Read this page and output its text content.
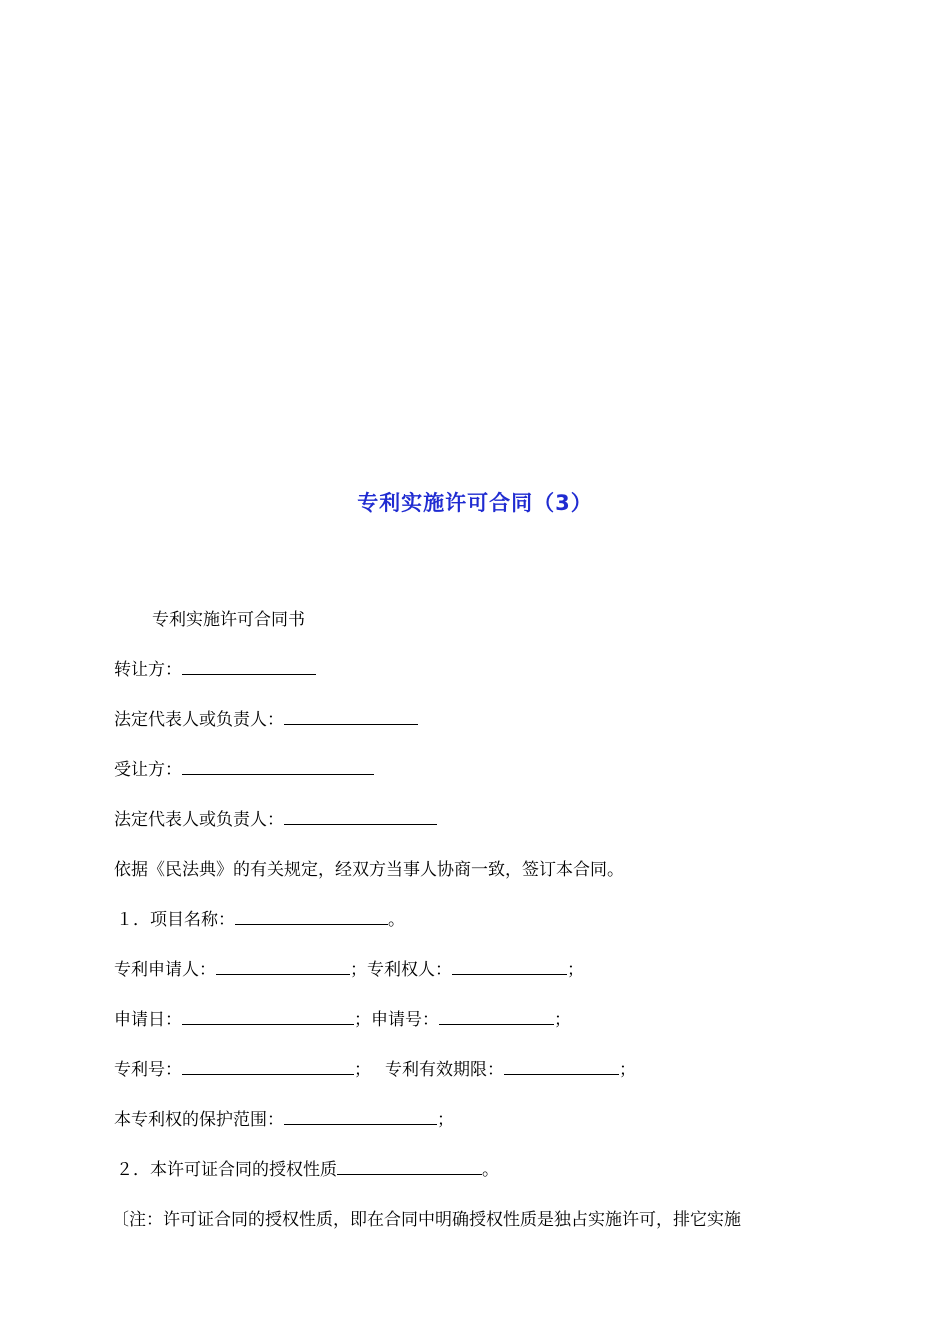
专利实施许可合同（3）
专利实施许可合同书
转让方：
法定代表人或负责人：
受让方：
法定代表人或负责人：
依据《民法典》的有关规定，经双方当事人协商一致，签订本合同。
１．项目名称：	。
专利申请人：	；专利权人：	；
申请日：	；申请号：	；
专利号：	； 专利有效期限：	；
本专利权的保护范围：	；
２．本许可证合同的授权性质	。
〔注：许可证合同的授权性质，即在合同中明确授权性质是独占实施许可，排它实施
